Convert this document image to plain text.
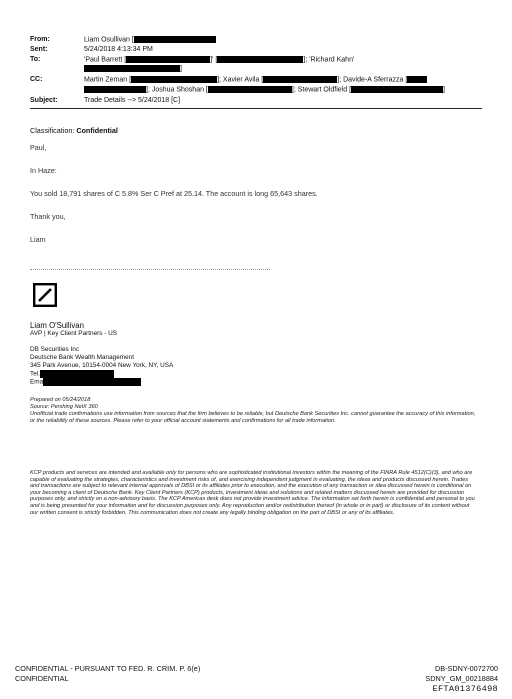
From:	Liam Osullivan [
Sent:	5/24/2018 4:13:34 PM
To:	'Paul Barrett [	]' [	]; 'Richard Kahn'
]
CC:	Martin Zeman [	]; Xavier Avila [	]; Davide-A Sferrazza [
]; Joshua Shoshan [	]; Stewart Oldfield [	]
Subject:	Trade Details --> 5/24/2018 [C]
Classification: Confidential
Paul,
In Haze:
You sold 18,791 shares of C 5.8% Ser C Pref at 25.14. The account is long 65,643 shares.
Thank you,
Liam
Liam O'Sullivan
AVP | Key Client Partners - US
DB Securities Inc
Deutsche Bank Wealth Management
345 Park Avenue, 10154-0004 New York, NY, USA
Tel.
Ema
Prepared on 05/24/2018
Source: Pershing NetX 360
Unofficial trade confirmations use information from sources that the firm believes to be reliable, but Deutsche Bank Securities Inc. cannot guarantee the accuracy of this information, or the reliability of these sources. Please refer to your official account statements and confirmations for all trade information.
KCP products and services are intended and available only for persons who are sophisticated institutional investors within the meaning of the FINRA Rule 4512(C)(3), and who are capable of evaluating the strategies, characteristics and investment risks of, and exercising independent judgment in evaluating, the ideas and products discussed herein. Trades and transactions are subject to relevant internal approvals of DBSI or its affiliates prior to execution, and the execution of any transaction or idea discussed herein is conditional on your becoming a client of Deutsche Bank. Key Client Partners (KCP) products, investment ideas and solutions and related matters discussed herein are provided for discussion purposes only, and strictly on a non-advisory basis. The KCP Americas desk does not provide investment advice. The information set forth herein is confidential and personal to you and is being presented for your information and for discussion purposes only. Any reproduction and/or redistribution thereof (in whole or in part) or disclosure of its content without our written consent is strictly forbidden. This communication does not create any legally binding obligation on the part of DBSI or any of its affiliates.
CONFIDENTIAL - PURSUANT TO FED. R. CRIM. P. 6(e)
CONFIDENTIAL
DB-SDNY-0072700
SDNY_GM_00218884
EFTA01376498
